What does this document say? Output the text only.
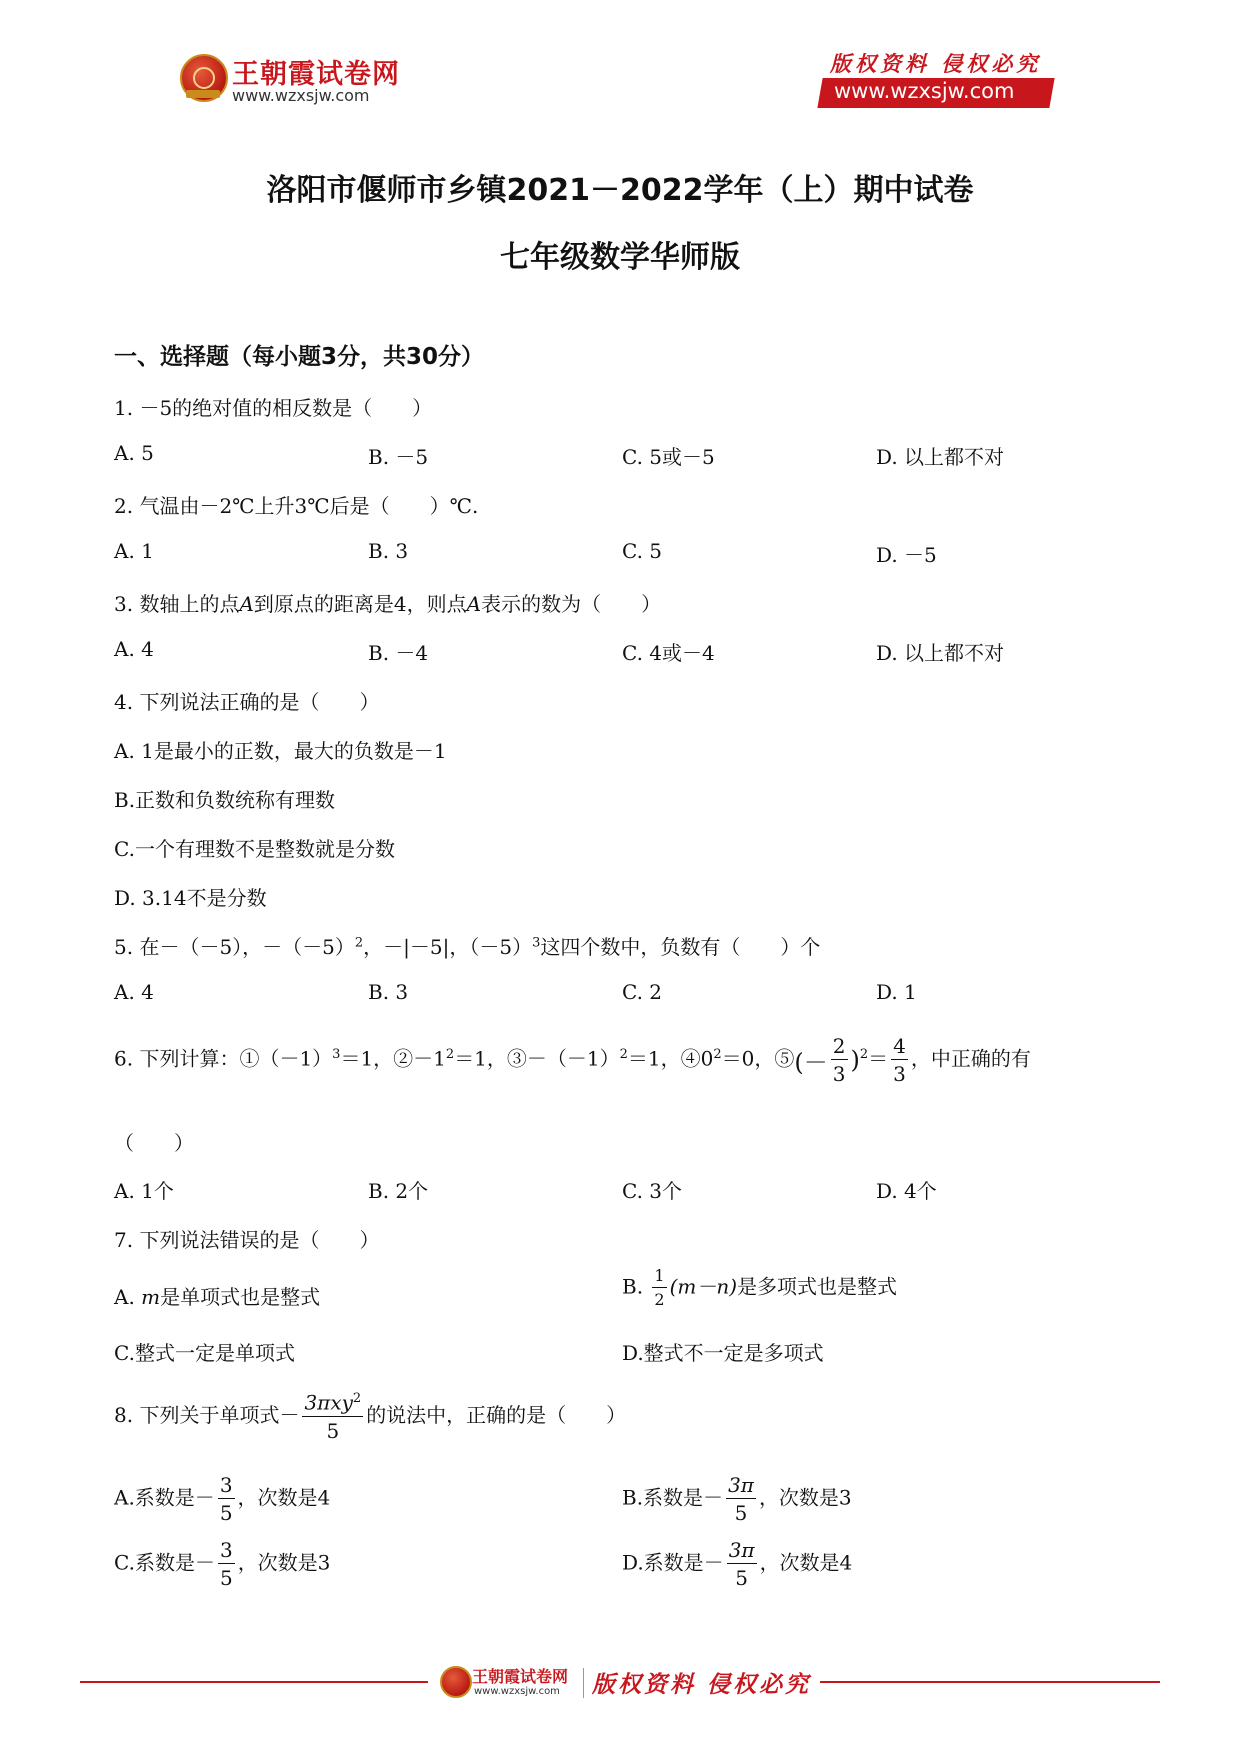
王朝霞试卷网
www.wzxsjw.com
版权资料 侵权必究
www.wzxsjw.com
洛阳市偃师市乡镇2021－2022学年（上）期中试卷
七年级数学华师版
一、选择题（每小题3分，共30分）
1. －5的绝对值的相反数是（　　）
A. 5	B. －5	C. 5或－5	D. 以上都不对
2. 气温由－2℃上升3℃后是（　　）℃.
A. 1	B. 3	C. 5	D. －5
3. 数轴上的点A到原点的距离是4，则点A表示的数为（　　）
A. 4	B. －4	C. 4或－4	D. 以上都不对
4. 下列说法正确的是（　　）
A. 1是最小的正数，最大的负数是－1
B.正数和负数统称有理数
C.一个有理数不是整数就是分数
D. 3.14不是分数
5. 在－（－5），$-(-5)^2$，－|－5|，$(-5)^3$这四个数中，负数有（　　）个
A. 4	B. 3	C. 2	D. 1
6. 下列计算：$①(-1)^3=1$，$②-1^2=1$，$③-(-1)^2=1$，$④0^2=0$，⑤(－ $\frac{2}{3} )^2= \frac{4}{3}$ ，中正确的有
（　　）
A. 1个	B. 2个	C. 3个	D. 4个
7. 下列说法错误的是（　　）
A. m是单项式也是整式	B. $\frac{1}{2} (m-n)$是多项式也是整式
C.整式一定是单项式	D.整式不一定是多项式
8. 下列关于单项式－ $\frac{3\pi xy^2}{5}$ 的说法中，正确的是（　　）
A.系数是－ $\frac{3}{5}$ ，次数是4	B.系数是－ $\frac{3\pi}{5}$ ，次数是3
C.系数是－ $\frac{3}{5}$ ，次数是3	D.系数是－ $\frac{3\pi}{5}$ ，次数是4
王朝霞试卷网
www.wzxsjw.com 版权资料 侵权必究
